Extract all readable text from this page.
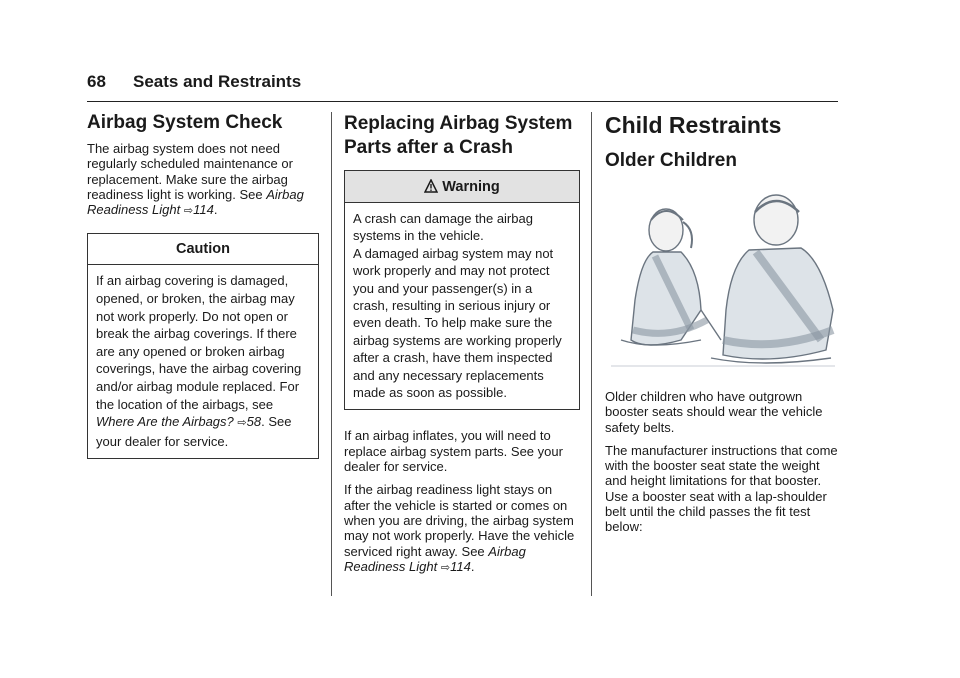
68 Seats and Restraints
Airbag System Check

The airbag system does not need regularly scheduled maintenance or replacement. Make sure the airbag readiness light is working. See Airbag Readiness Light ⇨114.

Caution

If an airbag covering is damaged, opened, or broken, the airbag may not work properly. Do not open or break the airbag coverings. If there are any opened or broken airbag coverings, have the airbag covering and/or airbag module replaced. For the location of the airbags, see Where Are the Airbags? ⇨58. See your dealer for service.

Replacing Airbag System Parts after a Crash
Warning

A crash can damage the airbag systems in the vehicle.

A damaged airbag system may not work properly and may not protect you and your passenger(s) in a crash, resulting in serious injury or even death. To help make sure the airbag systems are working properly after a crash, have them inspected and any necessary replacements made as soon as possible.

If an airbag inflates, you will need to replace airbag system parts. See your dealer for service.

If the airbag readiness light stays on after the vehicle is started or comes on when you are driving, the airbag system may not work properly. Have the vehicle serviced right away. See Airbag Readiness Light ⇨114.

Child Restraints
Older Children

Older children who have outgrown booster seats should wear the vehicle safety belts.

The manufacturer instructions that come with the booster seat state the weight and height limitations for that booster. Use a booster seat with a lap-shoulder belt until the child passes the fit test below:
